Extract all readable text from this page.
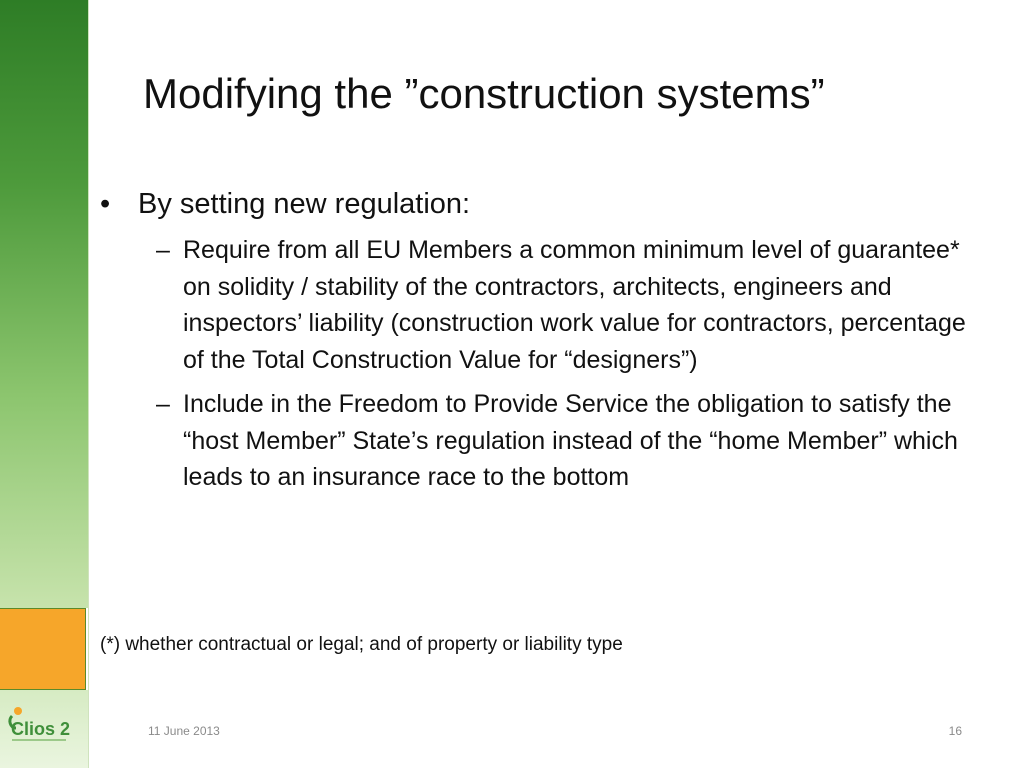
Clios 2
Modifying the ”construction systems”
• By setting new regulation:
– Require from all EU Members a common minimum level of guarantee* on solidity / stability of the contractors, architects, engineers and inspectors’ liability (construction work value for contractors, percentage of the Total Construction Value for “designers”)
– Include in the Freedom to Provide Service the obligation to satisfy the “host Member” State’s regulation instead of the “home Member” which leads to an insurance race to the bottom
(*) whether contractual or legal; and of property or liability type
11 June 2013	16
